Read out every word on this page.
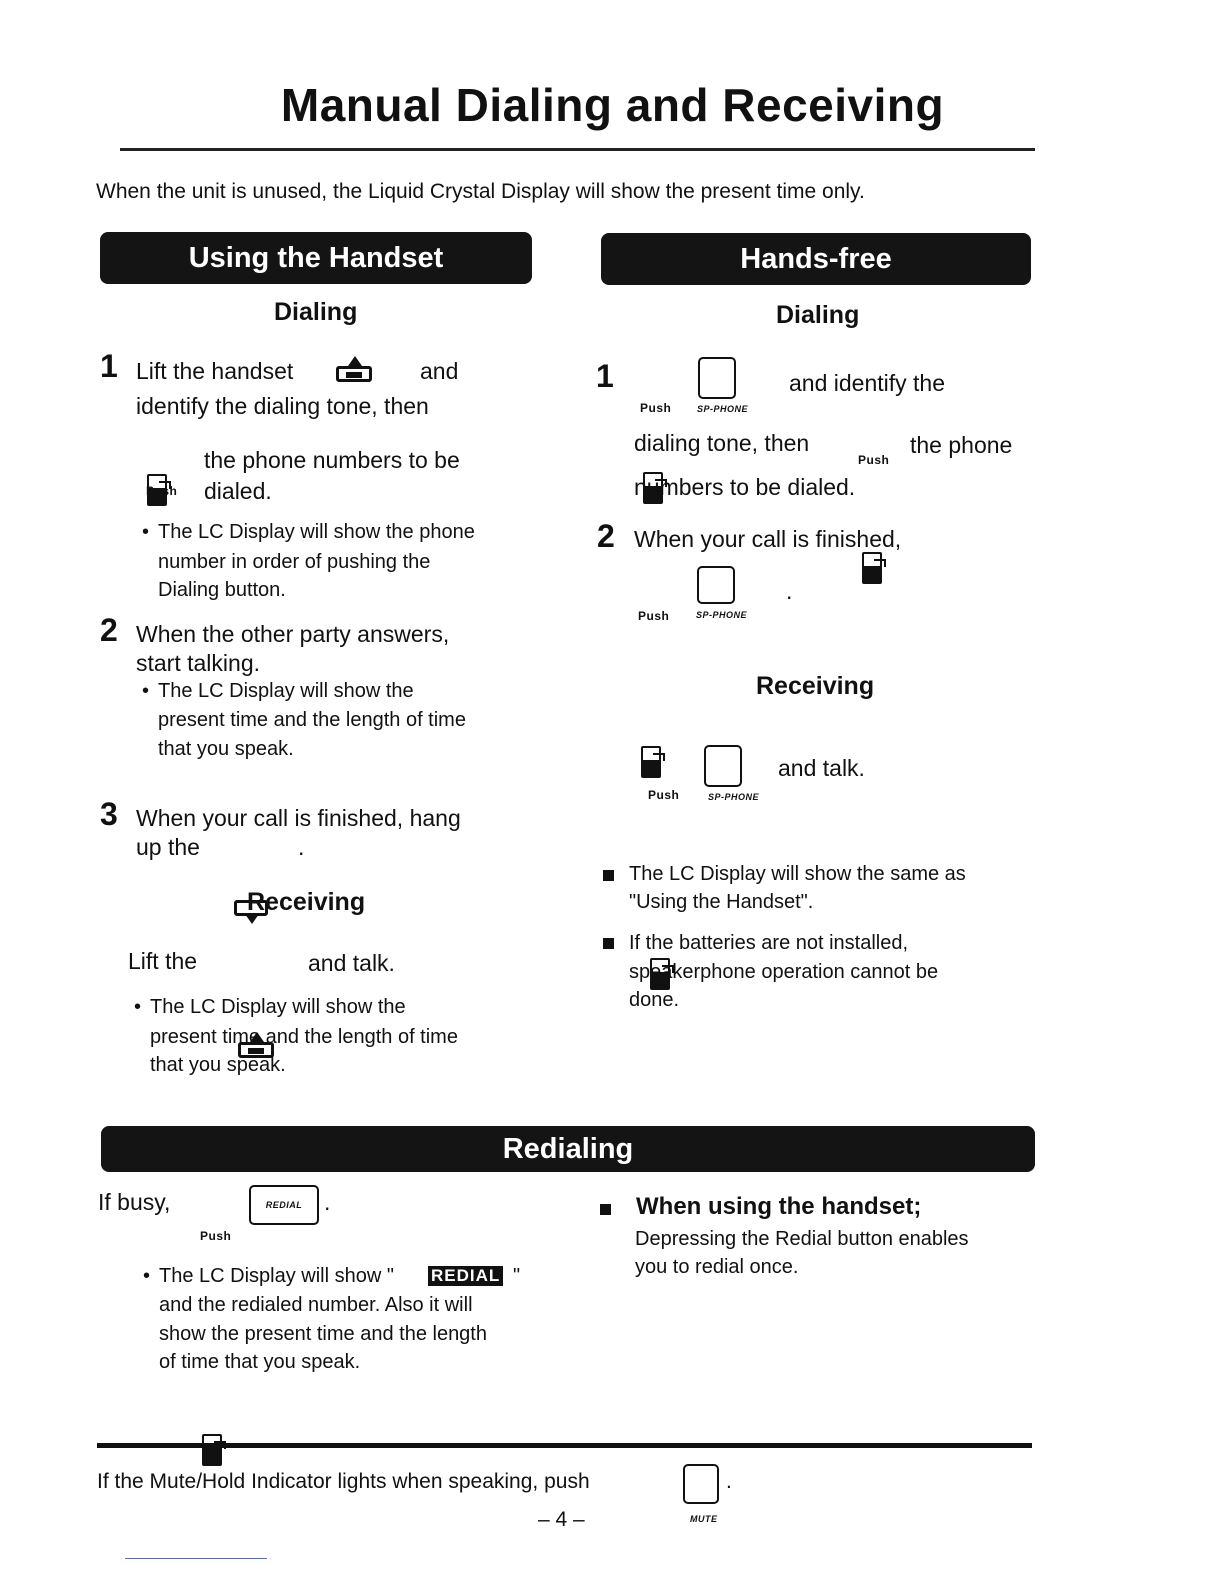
Manual Dialing and Receiving
When the unit is unused, the Liquid Crystal Display will show the present time only.
Using the Handset
Dialing
1 Lift the handset	and
identify the dialing tone, then
Push
the phone numbers to be
dialed.
• The LC Display will show the phone
number in order of pushing the
Dialing button.
2 When the other party answers,
start talking.
• The LC Display will show the
present time and the length of time
that you speak.
3 When your call is finished, hang
up the	.
Receiving
Lift the	and talk.
• The LC Display will show the
present time and the length of time
that you speak.
Hands-free
Dialing
1
Push	SP-PHONE
and identify the
dialing tone, then
Push
the phone
numbers to be dialed.
2 When your call is finished,
Push	SP-PHONE
.
Receiving
Push	SP-PHONE
and talk.
The LC Display will show the same as
"Using the Handset".
If the batteries are not installed,
speakerphone operation cannot be
done.
Redialing
If busy,
Push
REDIAL .
• The LC Display will show " REDIAL "
and the redialed number. Also it will
show the present time and the length
of time that you speak.
When using the handset;
Depressing the Redial button enables
you to redial once.
If the Mute/Hold Indicator lights when speaking, push
MUTE
.
– 4 –
